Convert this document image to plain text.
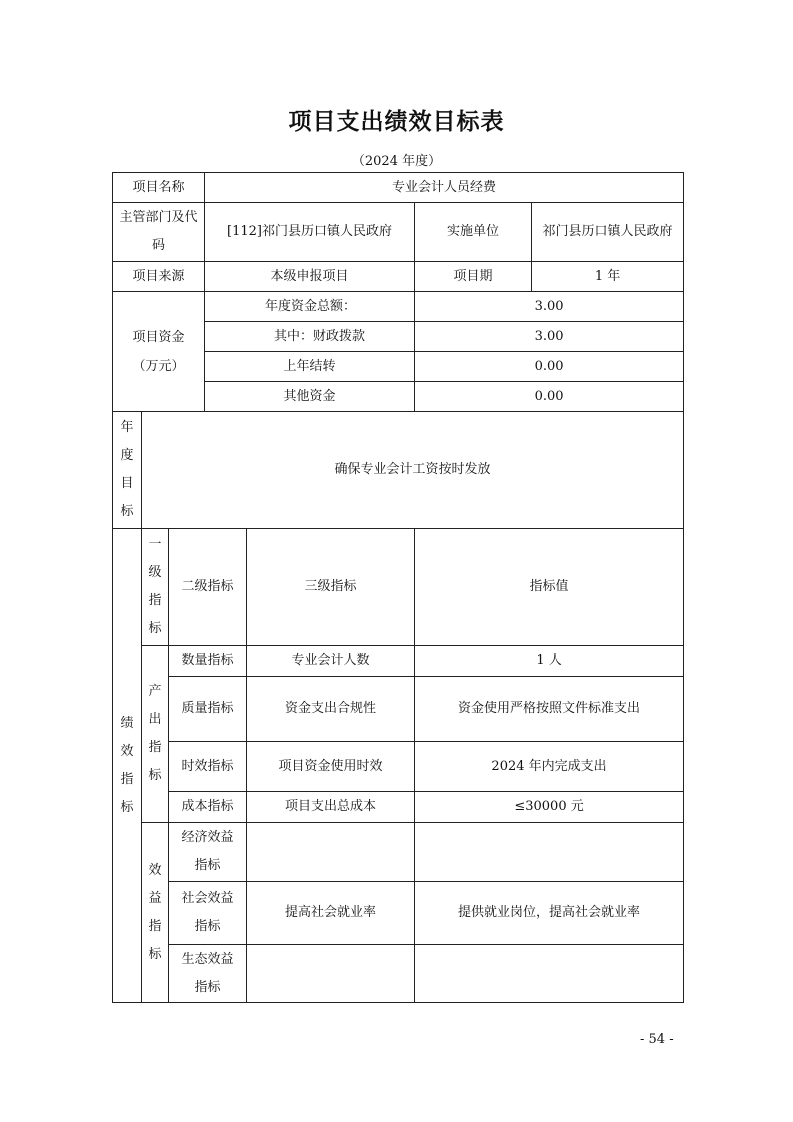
项目支出绩效目标表
（2024 年度）
项目名称			专业会计人员经费			
主管部门及代码			[112]祁门县历口镇人民政府		实施单位	祁门县历口镇人民政府
项目来源			本级申报项目		项目期	1 年

项目资金（万元）			年度资金总额：		3.00	
			其中：财政拨款		3.00	
			上年结转		0.00	
			其他资金		0.00	
年度目标	确保专业会计工资按时发放					
绩效指标	一级指标	二级指标		三级指标	指标值	
	产出指标	数量指标		专业会计人数	1 人	
		质量指标		资金支出合规性	资金使用严格按照文件标准支出	
		时效指标		项目资金使用时效	2024 年内完成支出	
		成本指标		项目支出总成本	≤30000 元	
	效益指标	经济效益指标				

		社会效益指标		提高社会就业率	提供就业岗位，提高社会就业率	

		生态效益指标				

- 54 -
